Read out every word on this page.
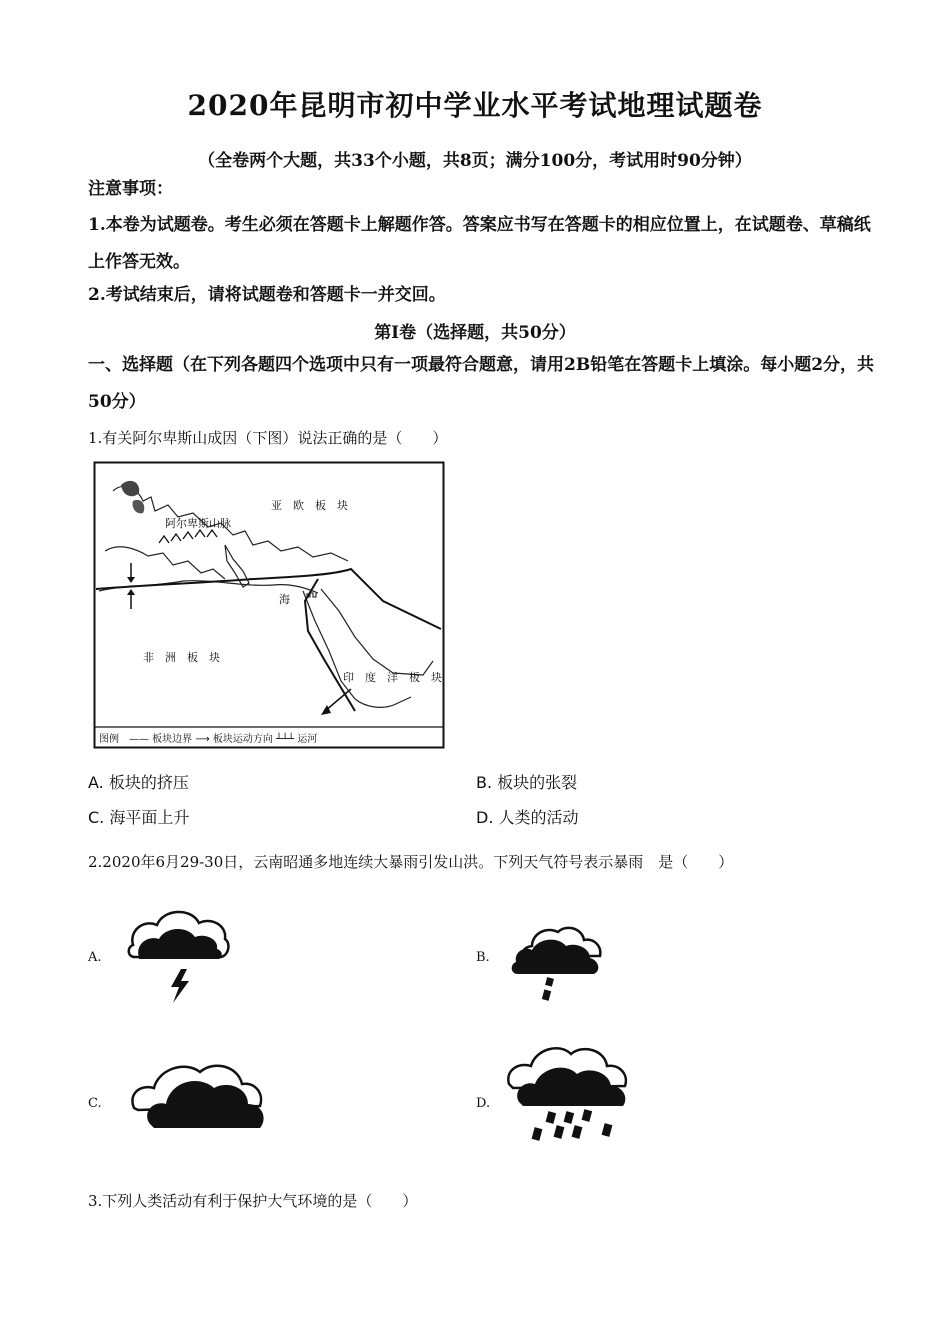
2020年昆明市初中学业水平考试地理试题卷
（全卷两个大题，共33个小题，共8页；满分100分，考试用时90分钟）
注意事项：
1.本卷为试题卷。考生必须在答题卡上解题作答。答案应书写在答题卡的相应位置上，在试题卷、草稿纸上作答无效。
2.考试结束后，请将试题卷和答题卡一并交回。
第Ⅰ卷（选择题，共50分）
一、选择题（在下列各题四个选项中只有一项最符合题意，请用2B铅笔在答题卡上填涂。每小题2分，共50分）
1.有关阿尔卑斯山成因（下图）说法正确的是（　　）
亚　欧　板　块
非　洲　板　块
印　度　洋　板　块
阿尔卑斯山脉
海
图例　—— 板块边界 ⟶ 板块运动方向 ┴┴┴ 运河
A. 板块的挤压	B. 板块的张裂
C. 海平面上升	D. 人类的活动
2.2020年6月29-30日，云南昭通多地连续大暴雨引发山洪。下列天气符号表示暴雨　是（　　）
A.	B.
C.	D.
3.下列人类活动有利于保护大气环境的是（　　）
